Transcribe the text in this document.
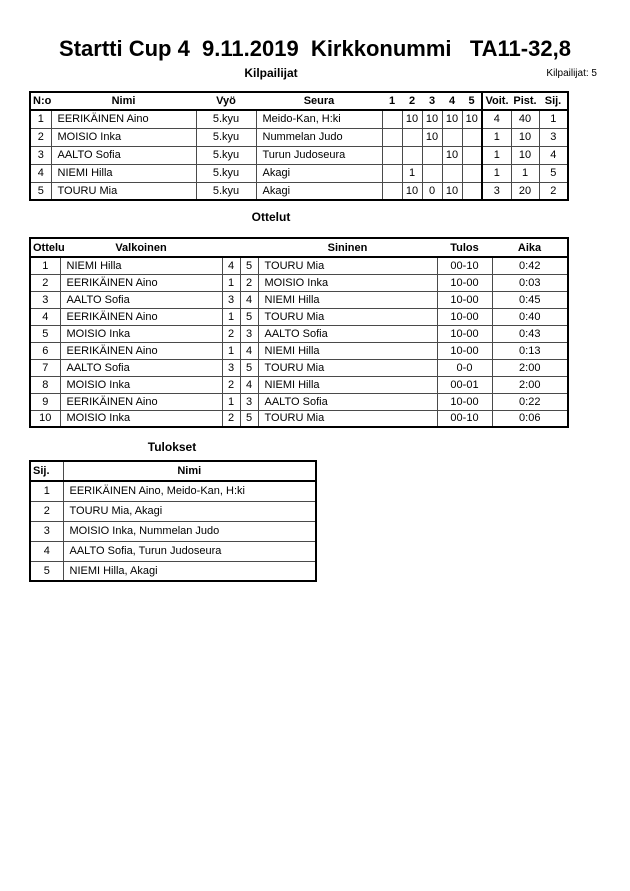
Startti Cup 4  9.11.2019  Kirkkonummi   TA11-32,8
Kilpailijat: 5
Kilpailijat
N:o	Nimi	Vyö	Seura	1	2	3	4	5	Voit.	Pist.	Sij.
1	EERIKÄINEN Aino	5.kyu	Meido-Kan, H:ki		10	10	10	10	4	40	1
2	MOISIO Inka	5.kyu	Nummelan Judo			10			1	10	3
3	AALTO Sofia	5.kyu	Turun Judoseura				10		1	10	4
4	NIEMI Hilla	5.kyu	Akagi		1				1	1	5
5	TOURU Mia	5.kyu	Akagi		10	0	10		3	20	2
Ottelut
Ottelu	Valkoinen			Sininen	Tulos	Aika
1	NIEMI Hilla	4	5	TOURU Mia	00-10	0:42
2	EERIKÄINEN Aino	1	2	MOISIO Inka	10-00	0:03
3	AALTO Sofia	3	4	NIEMI Hilla	10-00	0:45
4	EERIKÄINEN Aino	1	5	TOURU Mia	10-00	0:40
5	MOISIO Inka	2	3	AALTO Sofia	10-00	0:43
6	EERIKÄINEN Aino	1	4	NIEMI Hilla	10-00	0:13
7	AALTO Sofia	3	5	TOURU Mia	0-0	2:00
8	MOISIO Inka	2	4	NIEMI Hilla	00-01	2:00
9	EERIKÄINEN Aino	1	3	AALTO Sofia	10-00	0:22
10	MOISIO Inka	2	5	TOURU Mia	00-10	0:06
Tulokset
Sij.	Nimi
1	EERIKÄINEN Aino, Meido-Kan, H:ki
2	TOURU Mia, Akagi
3	MOISIO Inka, Nummelan Judo
4	AALTO Sofia, Turun Judoseura
5	NIEMI Hilla, Akagi
